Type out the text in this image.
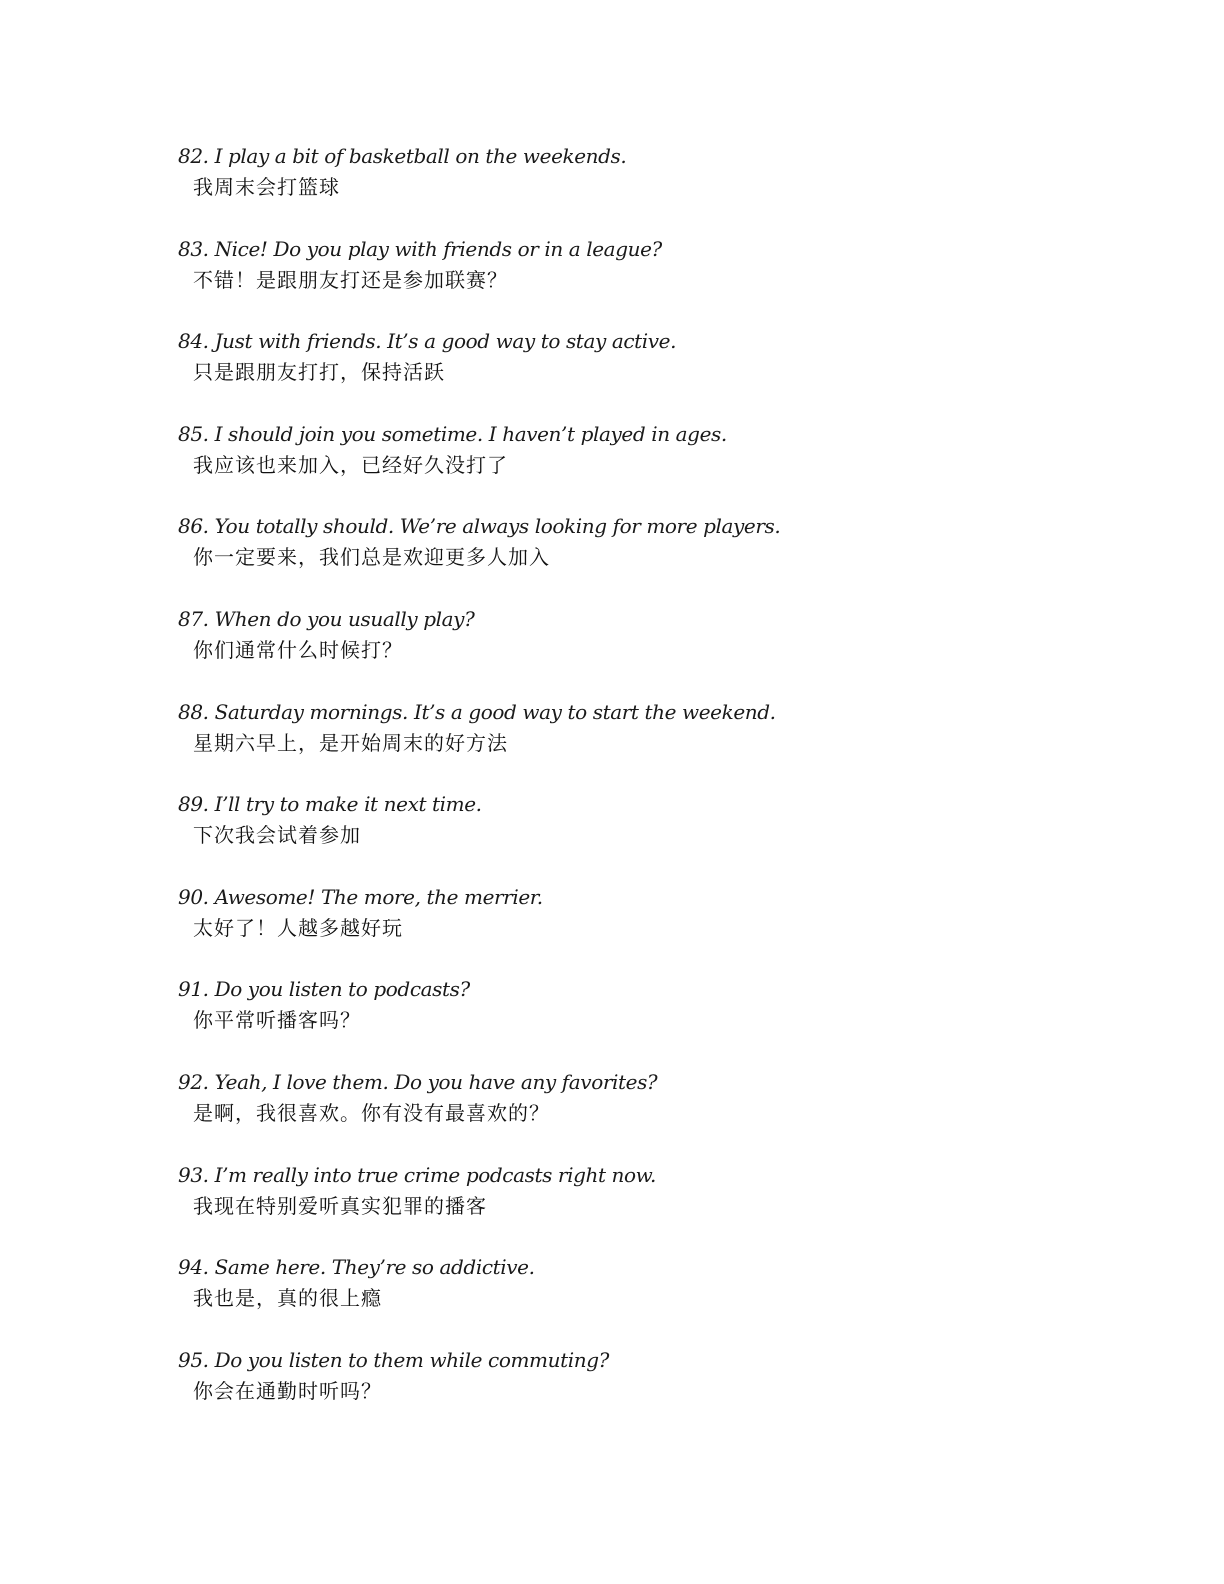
82. I play a bit of basketball on the weekends.
我周末会打篮球
83. Nice! Do you play with friends or in a league?
不错！是跟朋友打还是参加联赛？
84. Just with friends. It’s a good way to stay active.
只是跟朋友打打，保持活跃
85. I should join you sometime. I haven’t played in ages.
我应该也来加入，已经好久没打了
86. You totally should. We’re always looking for more players.
你一定要来，我们总是欢迎更多人加入
87. When do you usually play?
你们通常什么时候打？
88. Saturday mornings. It’s a good way to start the weekend.
星期六早上，是开始周末的好方法
89. I’ll try to make it next time.
下次我会试着参加
90. Awesome! The more, the merrier.
太好了！人越多越好玩
91. Do you listen to podcasts?
你平常听播客吗？
92. Yeah, I love them. Do you have any favorites?
是啊，我很喜欢。你有没有最喜欢的？
93. I’m really into true crime podcasts right now.
我现在特别爱听真实犯罪的播客
94. Same here. They’re so addictive.
我也是，真的很上瘾
95. Do you listen to them while commuting?
你会在通勤时听吗？
